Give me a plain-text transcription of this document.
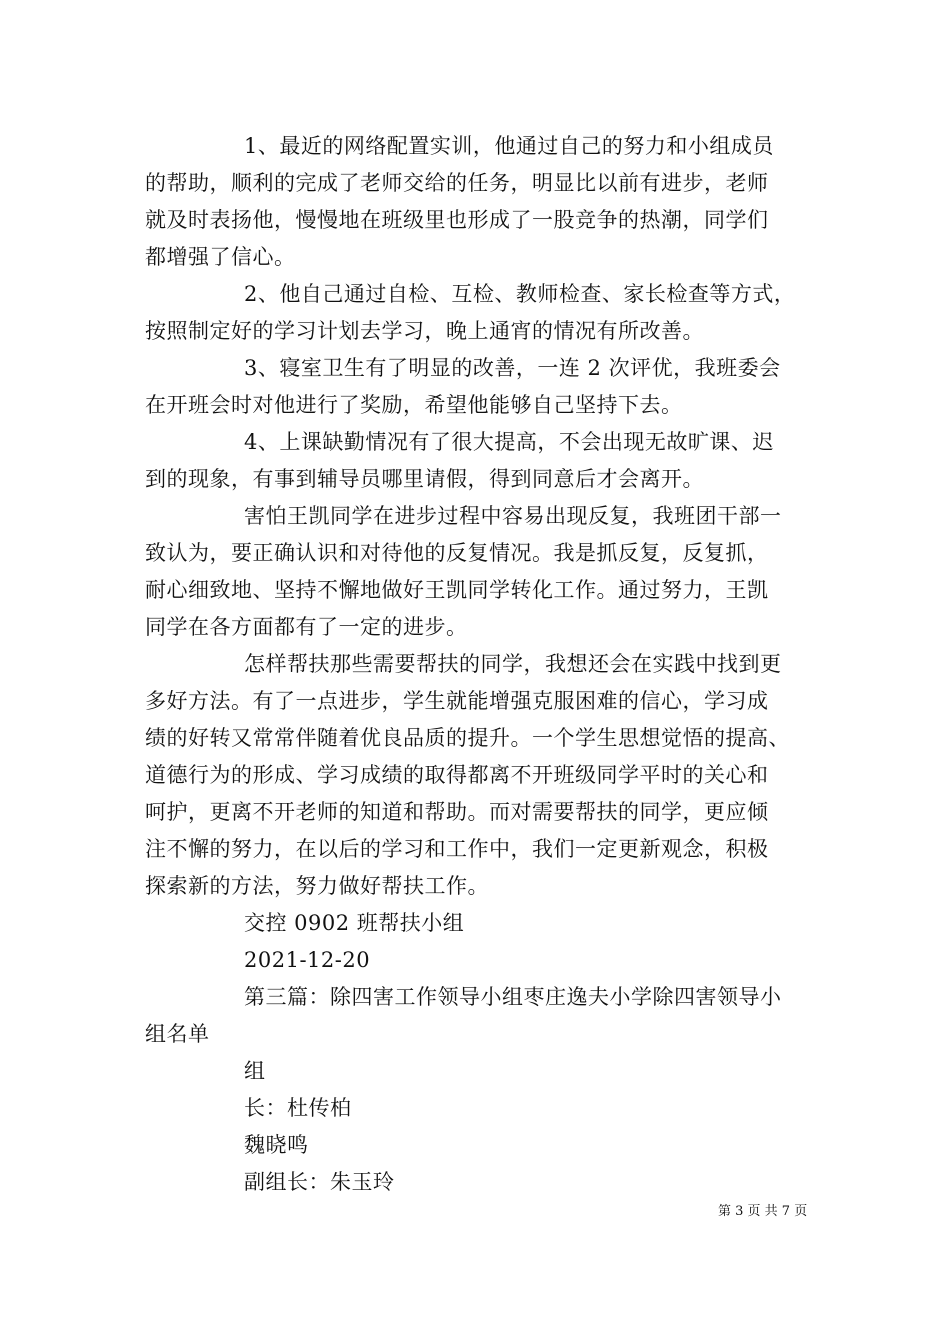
1、最近的网络配置实训，他通过自己的努力和小组成员
的帮助，顺利的完成了老师交给的任务，明显比以前有进步，老师
就及时表扬他，慢慢地在班级里也形成了一股竞争的热潮，同学们
都增强了信心。
2、他自己通过自检、互检、教师检查、家长检查等方式，
按照制定好的学习计划去学习，晚上通宵的情况有所改善。
3、寝室卫生有了明显的改善，一连 2 次评优，我班委会
在开班会时对他进行了奖励，希望他能够自己坚持下去。
4、上课缺勤情况有了很大提高，不会出现无故旷课、迟
到的现象，有事到辅导员哪里请假，得到同意后才会离开。
害怕王凯同学在进步过程中容易出现反复，我班团干部一
致认为，要正确认识和对待他的反复情况。我是抓反复，反复抓，
耐心细致地、坚持不懈地做好王凯同学转化工作。通过努力，王凯
同学在各方面都有了一定的进步。
怎样帮扶那些需要帮扶的同学，我想还会在实践中找到更
多好方法。有了一点进步，学生就能增强克服困难的信心，学习成
绩的好转又常常伴随着优良品质的提升。一个学生思想觉悟的提高、
道德行为的形成、学习成绩的取得都离不开班级同学平时的关心和
呵护，更离不开老师的知道和帮助。而对需要帮扶的同学，更应倾
注不懈的努力，在以后的学习和工作中，我们一定更新观念，积极
探索新的方法，努力做好帮扶工作。
交控 0902 班帮扶小组
2021-12-20
第三篇：除四害工作领导小组枣庄逸夫小学除四害领导小
组名单
组
长：杜传柏
魏晓鸣
副组长：朱玉玲
第 3 页 共 7 页
